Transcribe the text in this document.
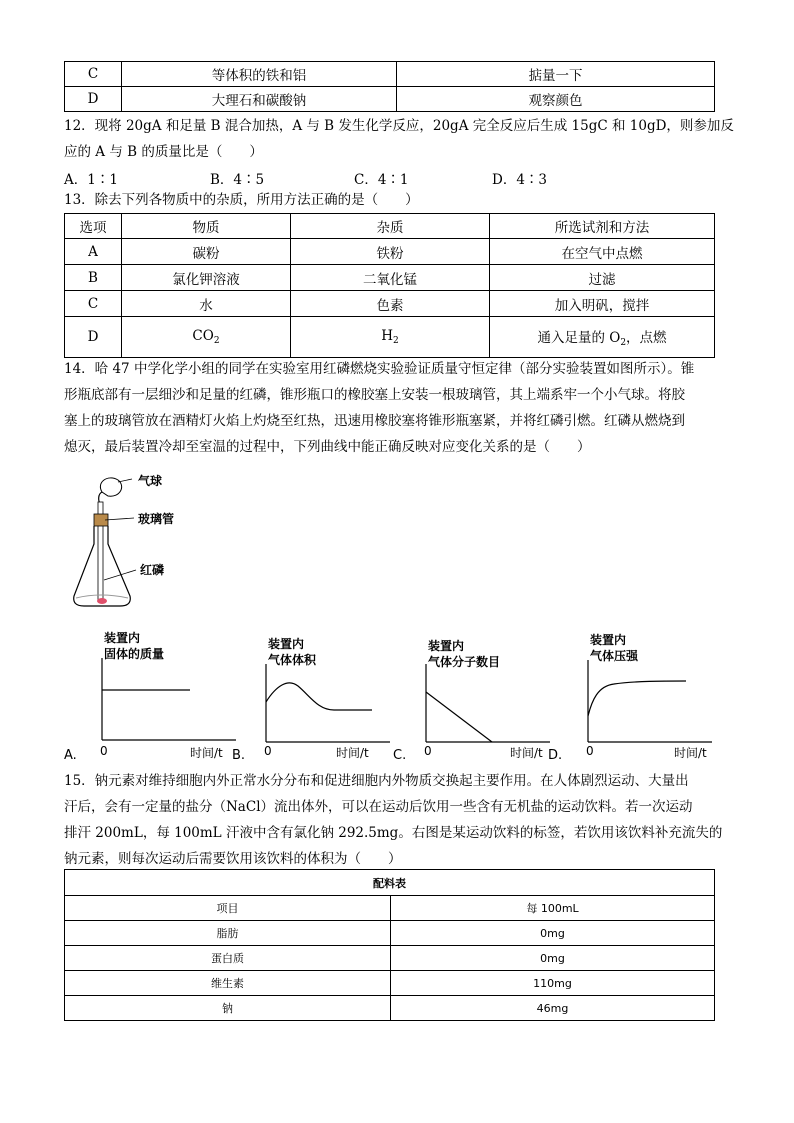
C	等体积的铁和铝	掂量一下
D	大理石和碳酸钠	观察颜色
12．现将 20gA 和足量 B 混合加热，A 与 B 发生化学反应，20gA 完全反应后生成 15gC 和 10gD，则参加反
应的 A 与 B 的质量比是（　　）
A．1∶1	B．4∶5	C．4∶1	D．4∶3
13．除去下列各物质中的杂质，所用方法正确的是（　　）
选项	物质	杂质	所选试剂和方法
A	碳粉	铁粉	在空气中点燃
B	氯化钾溶液	二氧化锰	过滤
C	水	色素	加入明矾，搅拌
D	$CO_2$	$H_2$	通入足量的 $O_2$，点燃
14．哈 47 中学化学小组的同学在实验室用红磷燃烧实验验证质量守恒定律（部分实验装置如图所示）。锥
形瓶底部有一层细沙和足量的红磷，锥形瓶口的橡胶塞上安装一根玻璃管，其上端系牢一个小气球。将胶
塞上的玻璃管放在酒精灯火焰上灼烧至红热，迅速用橡胶塞将锥形瓶塞紧，并将红磷引燃。红磷从燃烧到
熄灭，最后装置冷却至室温的过程中，下列曲线中能正确反映对应变化关系的是（　　）
气球
玻璃管
红磷
装置内
固体的质量
0	时间/t
A.
装置内
气体体积
0	时间/t
B.
装置内
气体分子数目
0	时间/t
C.
装置内
气体压强
0	时间/t
D.
15．钠元素对维持细胞内外正常水分分布和促进细胞内外物质交换起主要作用。在人体剧烈运动、大量出
汗后，会有一定量的盐分（NaCl）流出体外，可以在运动后饮用一些含有无机盐的运动饮料。若一次运动
排汗 200mL，每 100mL 汗液中含有氯化钠 292.5mg。右图是某运动饮料的标签，若饮用该饮料补充流失的
钠元素，则每次运动后需要饮用该饮料的体积为（　　）
配料表	
项目	每 100mL
脂肪	0mg
蛋白质	0mg
维生素	110mg
钠	46mg
